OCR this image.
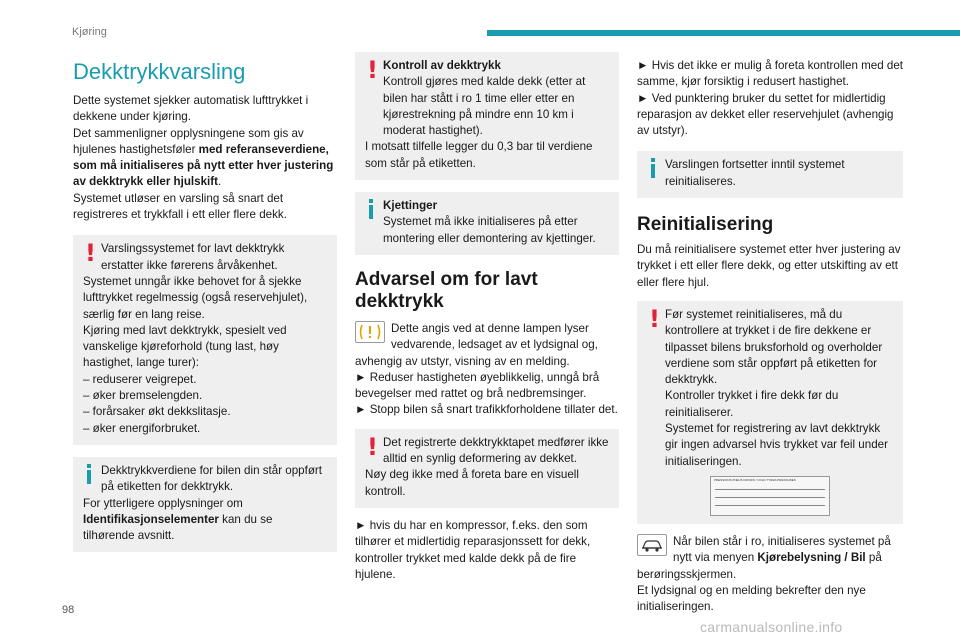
Kjøring
Dekktrykkvarsling

Dette systemet sjekker automatisk lufttrykket i dekkene under kjøring.

Det sammenligner opplysningene som gis av hjulenes hastighetsføler med referanseverdiene, som må initialiseres på nytt etter hver justering av dekktrykk eller hjulskift.

Systemet utløser en varsling så snart det registreres et trykkfall i ett eller flere dekk.

! Varslingssystemet for lavt dekktrykk erstatter ikke førerens årvåkenhet.

Systemet unngår ikke behovet for å sjekke lufttrykket regelmessig (også reservehjulet), særlig før en lang reise.

Kjøring med lavt dekktrykk, spesielt ved vanskelige kjøreforhold (tung last, høy hastighet, lange turer):

– reduserer veigrepet.

– øker bremselengden.

– forårsaker økt dekkslitasje.

– øker energiforbruket.

Dekktrykkverdiene for bilen din står oppført på etiketten for dekktrykk.

For ytterligere opplysninger om Identifikasjonselementer kan du se tilhørende avsnitt.

! Kontroll av dekktrykk

Kontroll gjøres med kalde dekk (etter at bilen har stått i ro 1 time eller etter en kjørestrekning på mindre enn 10 km i moderat hastighet).

I motsatt tilfelle legger du 0,3 bar til verdiene som står på etiketten.

Kjettinger

Systemet må ikke initialiseres på etter montering eller demontering av kjettinger.

Advarsel om for lavt dekktrykk

Dette angis ved at denne lampen lyser vedvarende, ledsaget av et lydsignal og, avhengig av utstyr, visning av en melding.

► Reduser hastigheten øyeblikkelig, unngå brå bevegelser med rattet og brå nedbremsinger.

► Stopp bilen så snart trafikkforholdene tillater det.

! Det registrerte dekktrykktapet medfører ikke alltid en synlig deformering av dekket.

Nøy deg ikke med å foreta bare en visuell kontroll.

► hvis du har en kompressor, f.eks. den som tilhører et midlertidig reparasjonssett for dekk, kontroller trykket med kalde dekk på de fire hjulene.

► Hvis det ikke er mulig å foreta kontrollen med det samme, kjør forsiktig i redusert hastighet.

► Ved punktering bruker du settet for midlertidig reparasjon av dekket eller reservehjulet (avhengig av utstyr).

Varslingen fortsetter inntil systemet reinitialiseres.

Reinitialisering

Du må reinitialisere systemet etter hver justering av trykket i ett eller flere dekk, og etter utskifting av ett eller flere hjul.

! Før systemet reinitialiseres, må du kontrollere at trykket i de fire dekkene er tilpasset bilens bruksforhold og overholder verdiene som står oppført på etiketten for dekktrykk.

Kontroller trykket i fire dekk før du reinitialiserer.

Systemet for registrering av lavt dekktrykk gir ingen advarsel hvis trykket var feil under initialiseringen.

PRESSIONS PNEUS FROIDS / COLD TYRES PRESSURES

Når bilen står i ro, initialiseres systemet på nytt via menyen Kjørebelysning / Bil på berøringsskjermen.

Et lydsignal og en melding bekrefter den nye initialiseringen.

98
carmanualsonline.info
